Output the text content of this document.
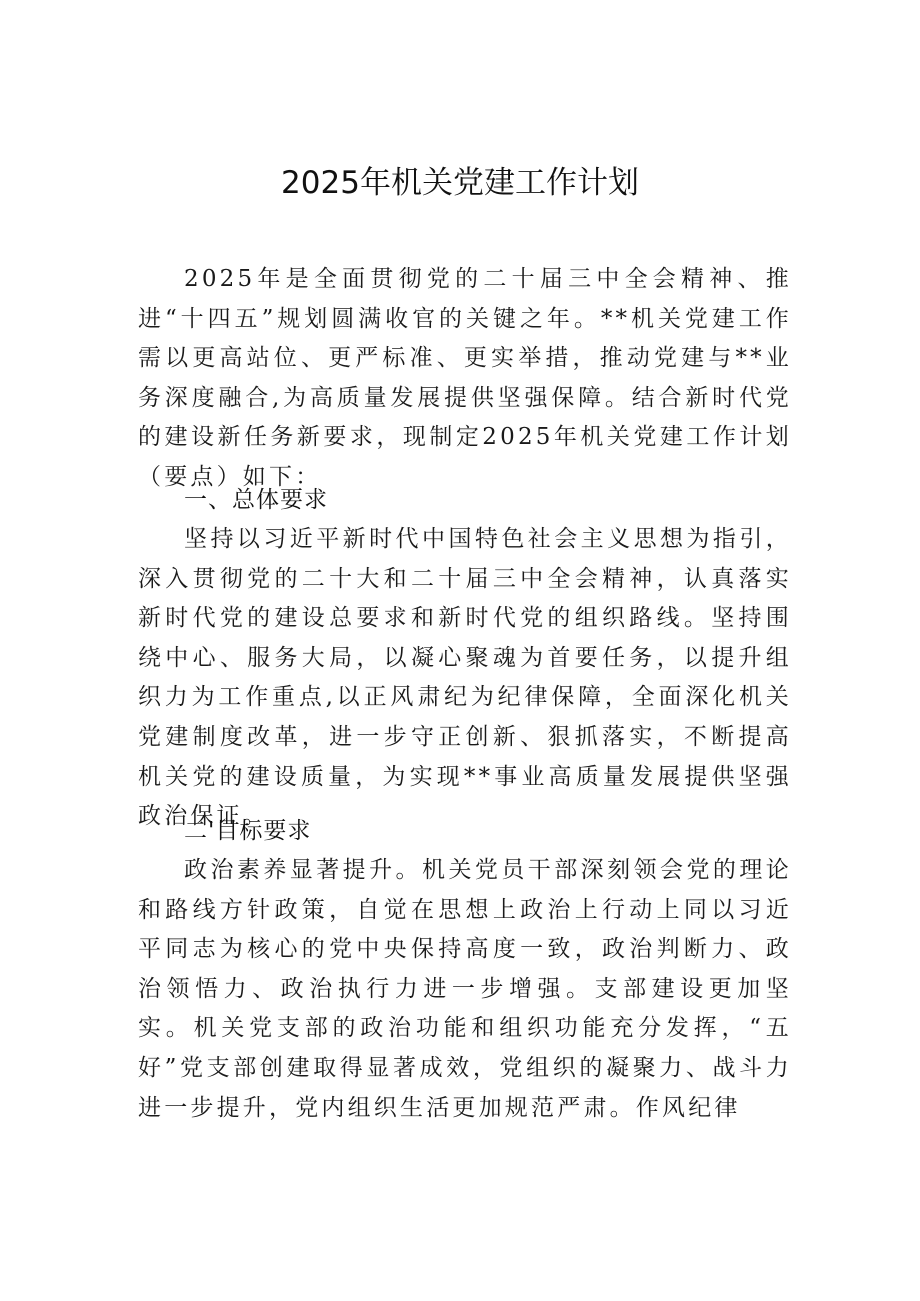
2025年机关党建工作计划

2025年是全面贯彻党的二十届三中全会精神、推进“十四五”规划圆满收官的关键之年。**机关党建工作需以更高站位、更严标准、更实举措，推动党建与**业务深度融合,为高质量发展提供坚强保障。结合新时代党的建设新任务新要求，现制定2025年机关党建工作计划（要点）如下：

一、总体要求

坚持以习近平新时代中国特色社会主义思想为指引，深入贯彻党的二十大和二十届三中全会精神，认真落实新时代党的建设总要求和新时代党的组织路线。坚持围绕中心、服务大局，以凝心聚魂为首要任务，以提升组织力为工作重点,以正风肃纪为纪律保障，全面深化机关党建制度改革，进一步守正创新、狠抓落实，不断提高机关党的建设质量，为实现**事业高质量发展提供坚强政治保证。

二'目标要求

政治素养显著提升。机关党员干部深刻领会党的理论和路线方针政策，自觉在思想上政治上行动上同以习近平同志为核心的党中央保持高度一致，政治判断力、政治领悟力、政治执行力进一步增强。支部建设更加坚实。机关党支部的政治功能和组织功能充分发挥，“五好”党支部创建取得显著成效，党组织的凝聚力、战斗力进一步提升，党内组织生活更加规范严肃。作风纪律
